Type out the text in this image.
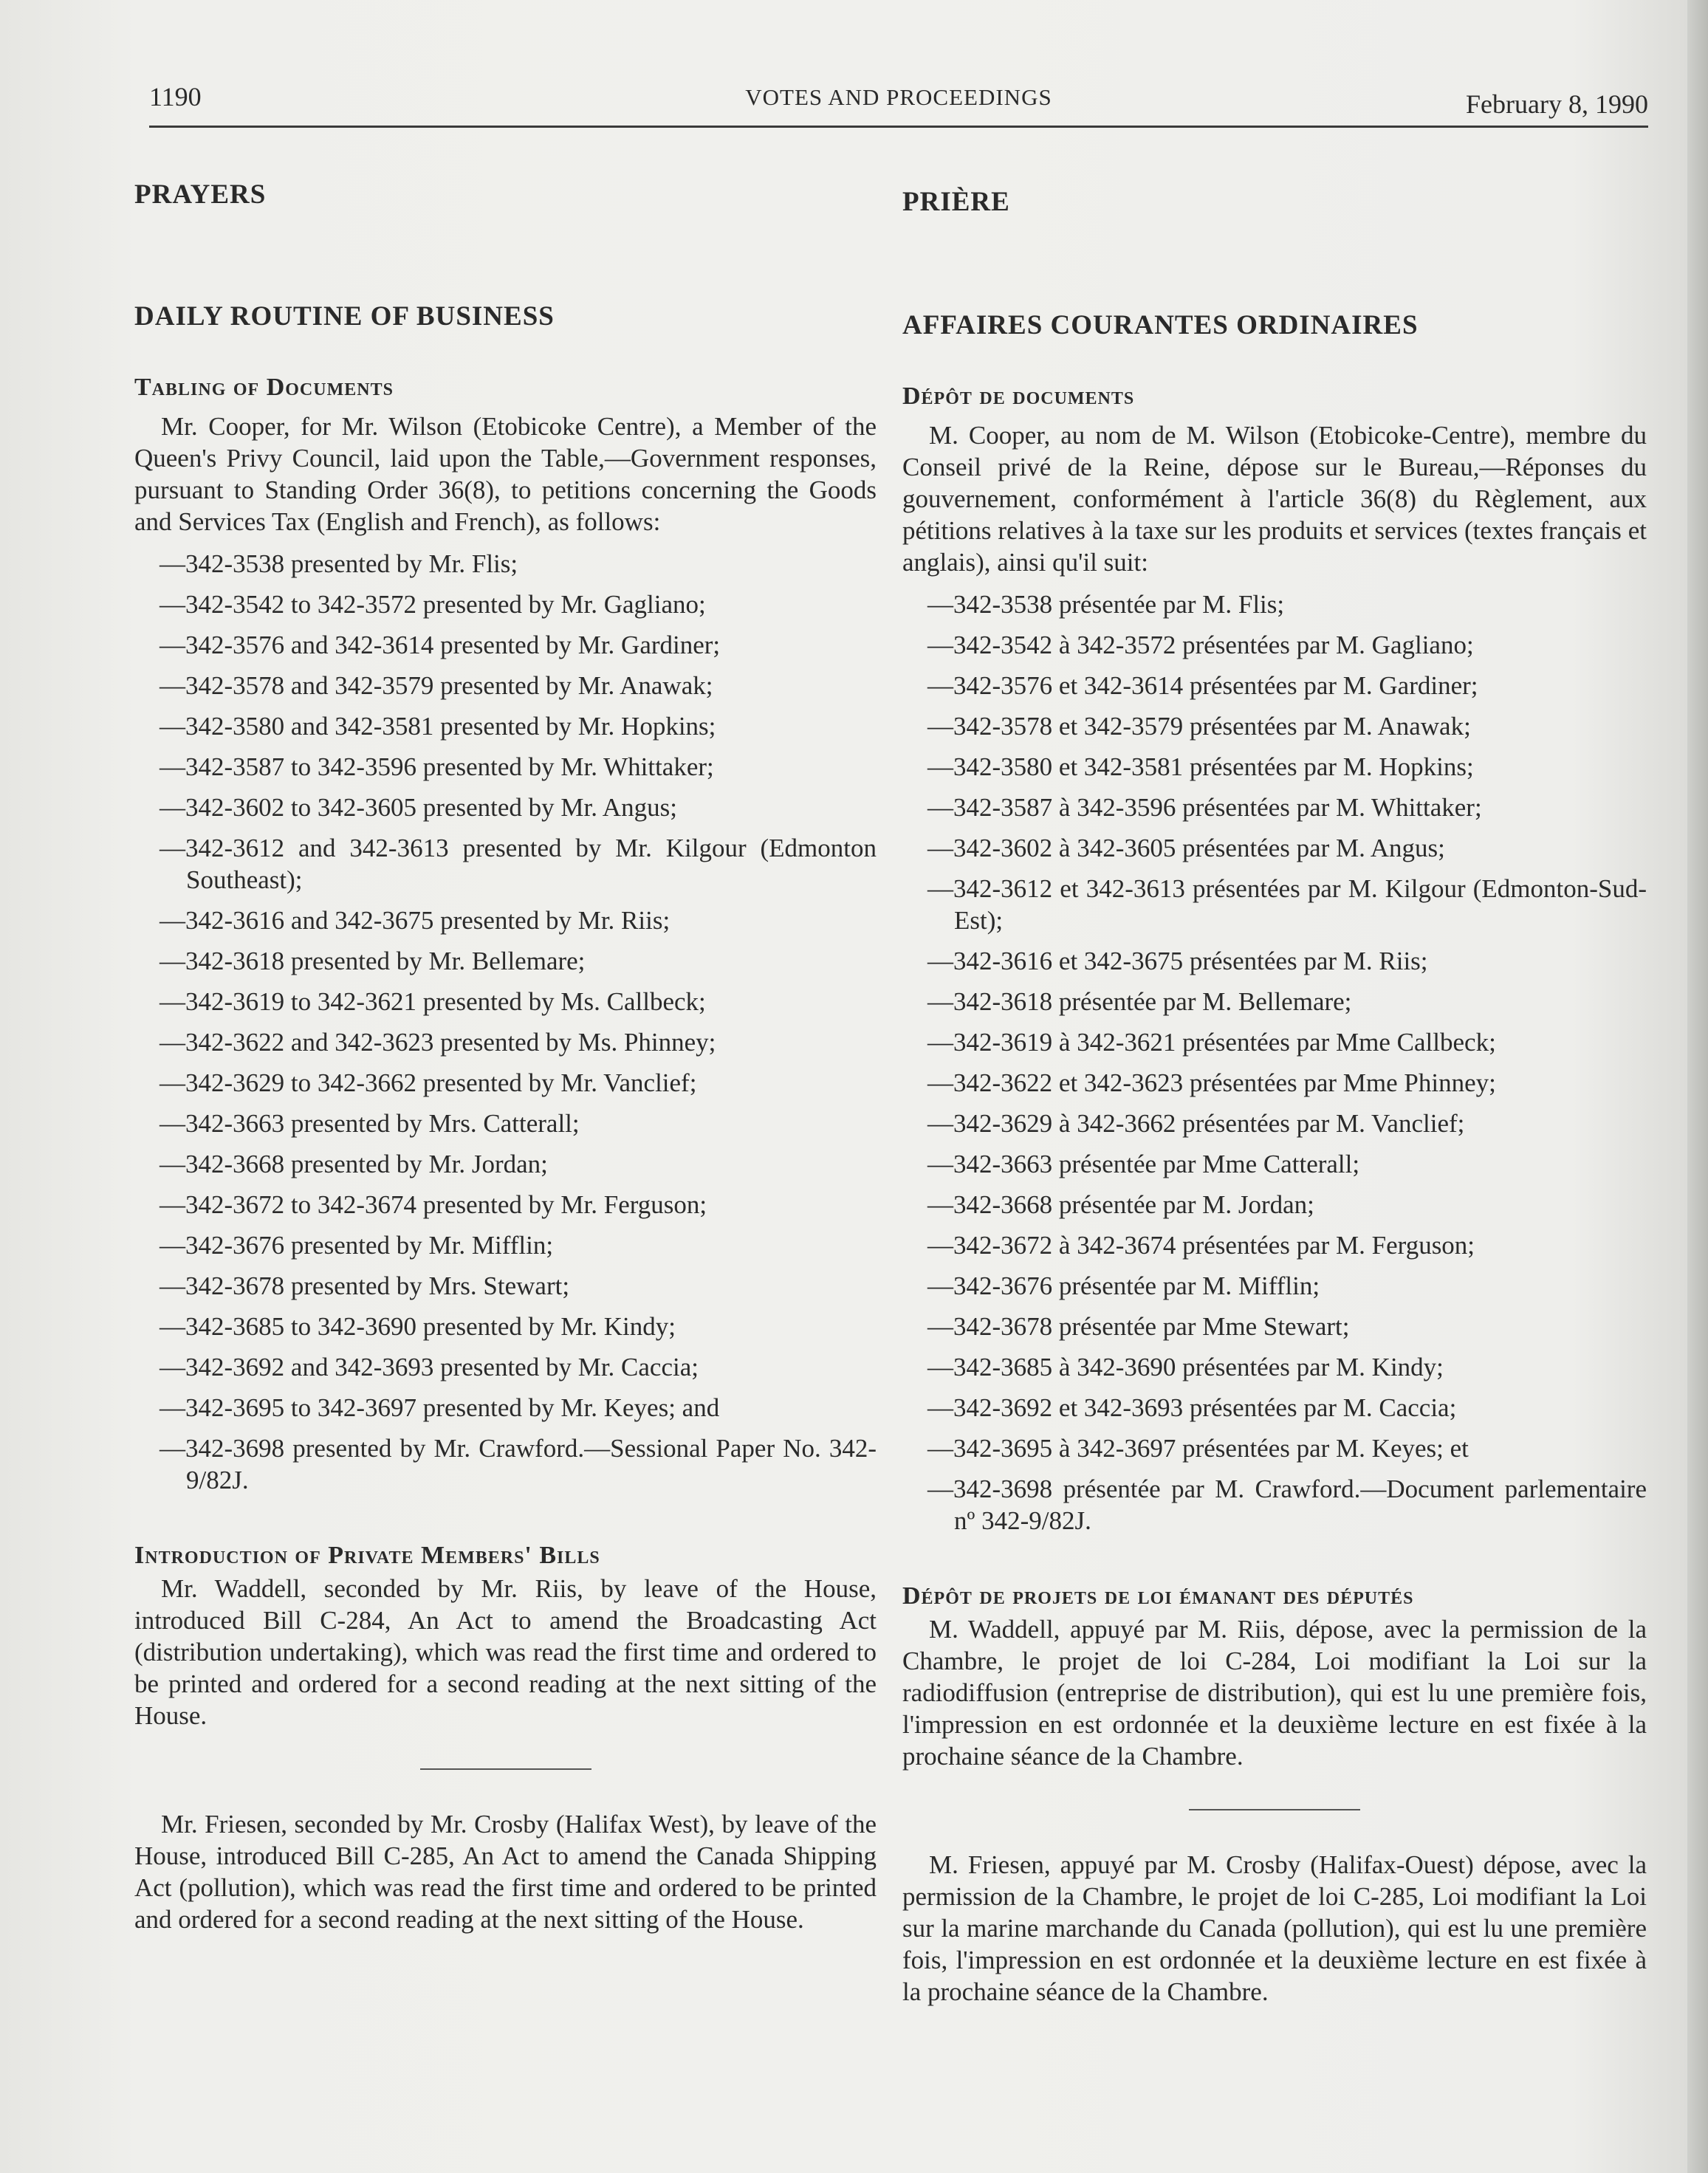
1190	VOTES AND PROCEEDINGS	February 8, 1990
PRAYERS
DAILY ROUTINE OF BUSINESS
Tabling of Documents

Mr. Cooper, for Mr. Wilson (Etobicoke Centre), a Member of the Queen's Privy Council, laid upon the Table,—Government responses, pursuant to Standing Order 36(8), to petitions concerning the Goods and Services Tax (English and French), as follows:

—342-3538 presented by Mr. Flis;
—342-3542 to 342-3572 presented by Mr. Gagliano;
—342-3576 and 342-3614 presented by Mr. Gardiner;
—342-3578 and 342-3579 presented by Mr. Anawak;
—342-3580 and 342-3581 presented by Mr. Hopkins;
—342-3587 to 342-3596 presented by Mr. Whittaker;
—342-3602 to 342-3605 presented by Mr. Angus;
—342-3612 and 342-3613 presented by Mr. Kilgour (Edmonton Southeast);
—342-3616 and 342-3675 presented by Mr. Riis;
—342-3618 presented by Mr. Bellemare;
—342-3619 to 342-3621 presented by Ms. Callbeck;
—342-3622 and 342-3623 presented by Ms. Phinney;
—342-3629 to 342-3662 presented by Mr. Vanclief;
—342-3663 presented by Mrs. Catterall;
—342-3668 presented by Mr. Jordan;
—342-3672 to 342-3674 presented by Mr. Ferguson;
—342-3676 presented by Mr. Mifflin;
—342-3678 presented by Mrs. Stewart;
—342-3685 to 342-3690 presented by Mr. Kindy;
—342-3692 and 342-3693 presented by Mr. Caccia;
—342-3695 to 342-3697 presented by Mr. Keyes; and
—342-3698 presented by Mr. Crawford.—Sessional Paper No. 342-9/82J.
Introduction of Private Members' Bills

Mr. Waddell, seconded by Mr. Riis, by leave of the House, introduced Bill C-284, An Act to amend the Broadcasting Act (distribution undertaking), which was read the first time and ordered to be printed and ordered for a second reading at the next sitting of the House.

Mr. Friesen, seconded by Mr. Crosby (Halifax West), by leave of the House, introduced Bill C-285, An Act to amend the Canada Shipping Act (pollution), which was read the first time and ordered to be printed and ordered for a second reading at the next sitting of the House.

PRIÈRE
AFFAIRES COURANTES ORDINAIRES
Dépôt de documents

M. Cooper, au nom de M. Wilson (Etobicoke-Centre), membre du Conseil privé de la Reine, dépose sur le Bureau,—Réponses du gouvernement, conformément à l'article 36(8) du Règlement, aux pétitions relatives à la taxe sur les produits et services (textes français et anglais), ainsi qu'il suit:

—342-3538 présentée par M. Flis;
—342-3542 à 342-3572 présentées par M. Gagliano;
—342-3576 et 342-3614 présentées par M. Gardiner;
—342-3578 et 342-3579 présentées par M. Anawak;
—342-3580 et 342-3581 présentées par M. Hopkins;
—342-3587 à 342-3596 présentées par M. Whittaker;
—342-3602 à 342-3605 présentées par M. Angus;
—342-3612 et 342-3613 présentées par M. Kilgour (Edmonton-Sud-Est);
—342-3616 et 342-3675 présentées par M. Riis;
—342-3618 présentée par M. Bellemare;
—342-3619 à 342-3621 présentées par Mme Callbeck;
—342-3622 et 342-3623 présentées par Mme Phinney;
—342-3629 à 342-3662 présentées par M. Vanclief;
—342-3663 présentée par Mme Catterall;
—342-3668 présentée par M. Jordan;
—342-3672 à 342-3674 présentées par M. Ferguson;
—342-3676 présentée par M. Mifflin;
—342-3678 présentée par Mme Stewart;
—342-3685 à 342-3690 présentées par M. Kindy;
—342-3692 et 342-3693 présentées par M. Caccia;
—342-3695 à 342-3697 présentées par M. Keyes; et
—342-3698 présentée par M. Crawford.—Document parlementaire nº 342-9/82J.
Dépôt de projets de loi émanant des députés

M. Waddell, appuyé par M. Riis, dépose, avec la permission de la Chambre, le projet de loi C-284, Loi modifiant la Loi sur la radiodiffusion (entreprise de distribution), qui est lu une première fois, l'impression en est ordonnée et la deuxième lecture en est fixée à la prochaine séance de la Chambre.

M. Friesen, appuyé par M. Crosby (Halifax-Ouest) dépose, avec la permission de la Chambre, le projet de loi C-285, Loi modifiant la Loi sur la marine marchande du Canada (pollution), qui est lu une première fois, l'impression en est ordonnée et la deuxième lecture en est fixée à la prochaine séance de la Chambre.
